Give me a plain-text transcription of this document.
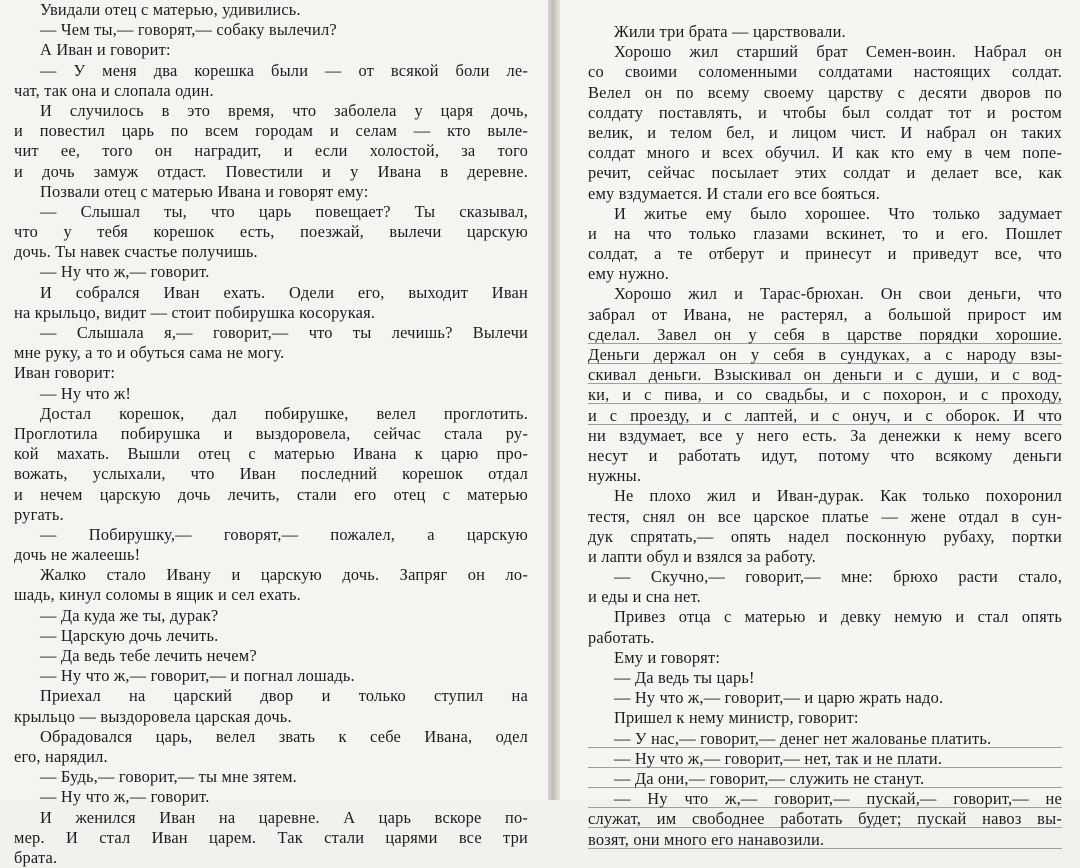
Увидали отец с матерью, удивились.
— Чем ты,— говорят,— собаку вылечил?
А Иван и говорит:
— У меня два корешка были — от всякой боли ле-
чат, так она и слопала один.
И случилось в это время, что заболела у царя дочь,
и повестил царь по всем городам и селам — кто выле-
чит ее, того он наградит, и если холостой, за того
и дочь замуж отдаст. Повестили и у Ивана в деревне.
Позвали отец с матерью Ивана и говорят ему:
— Слышал ты, что царь повещает? Ты сказывал,
что у тебя корешок есть, поезжай, вылечи царскую
дочь. Ты навек счастье получишь.
— Ну что ж,— говорит.
И собрался Иван ехать. Одели его, выходит Иван
на крыльцо, видит — стоит побирушка косорукая.
— Слышала я,— говорит,— что ты лечишь? Вылечи
мне руку, а то и обуться сама не могу.
Иван говорит:
— Ну что ж!
Достал корешок, дал побирушке, велел проглотить.
Проглотила побирушка и выздоровела, сейчас стала ру-
кой махать. Вышли отец с матерью Ивана к царю про-
вожать, услыхали, что Иван последний корешок отдал
и нечем царскую дочь лечить, стали его отец с матерью
ругать.
— Побирушку,— говорят,— пожалел, а царскую
дочь не жалеешь!
Жалко стало Ивану и царскую дочь. Запряг он ло-
шадь, кинул соломы в ящик и сел ехать.
— Да куда же ты, дурак?
— Царскую дочь лечить.
— Да ведь тебе лечить нечем?
— Ну что ж,— говорит,— и погнал лошадь.
Приехал на царский двор и только ступил на
крыльцо — выздоровела царская дочь.
Обрадовался царь, велел звать к себе Ивана, одел
его, нарядил.
— Будь,— говорит,— ты мне зятем.
— Ну что ж,— говорит.
И женился Иван на царевне. А царь вскоре по-
мер. И стал Иван царем. Так стали царями все три
брата.
Жили три брата — царствовали.
Хорошо жил старший брат Семен-воин. Набрал он
со своими соломенными солдатами настоящих солдат.
Велел он по всему своему царству с десяти дворов по
солдату поставлять, и чтобы был солдат тот и ростом
велик, и телом бел, и лицом чист. И набрал он таких
солдат много и всех обучил. И как кто ему в чем попе-
речит, сейчас посылает этих солдат и делает все, как
ему вздумается. И стали его все бояться.
И житье ему было хорошее. Что только задумает
и на что только глазами вскинет, то и его. Пошлет
солдат, а те отберут и принесут и приведут все, что
ему нужно.
Хорошо жил и Тарас-брюхан. Он свои деньги, что
забрал от Ивана, не растерял, а большой прирост им
сделал. Завел он у себя в царстве порядки хорошие.
Деньги держал он у себя в сундуках, а с народу взы-
скивал деньги. Взыскивал он деньги и с души, и с вод-
ки, и с пива, и со свадьбы, и с похорон, и с проходу,
и с проезду, и с лаптей, и с онуч, и с оборок. И что
ни вздумает, все у него есть. За денежки к нему всего
несут и работать идут, потому что всякому деньги
нужны.
Не плохо жил и Иван-дурак. Как только похоронил
тестя, снял он все царское платье — жене отдал в сун-
дук спрятать,— опять надел посконную рубаху, портки
и лапти обул и взялся за работу.
— Скучно,— говорит,— мне: брюхо расти стало,
и еды и сна нет.
Привез отца с матерью и девку немую и стал опять
работать.
Ему и говорят:
— Да ведь ты царь!
— Ну что ж,— говорит,— и царю жрать надо.
Пришел к нему министр, говорит:
— У нас,— говорит,— денег нет жалованье платить.
— Ну что ж,— говорит,— нет, так и не плати.
— Да они,— говорит,— служить не станут.
— Ну что ж,— говорит,— пускай,— говорит,— не
служат, им свободнее работать будет; пускай навоз вы-
возят, они много его нанавозили.
